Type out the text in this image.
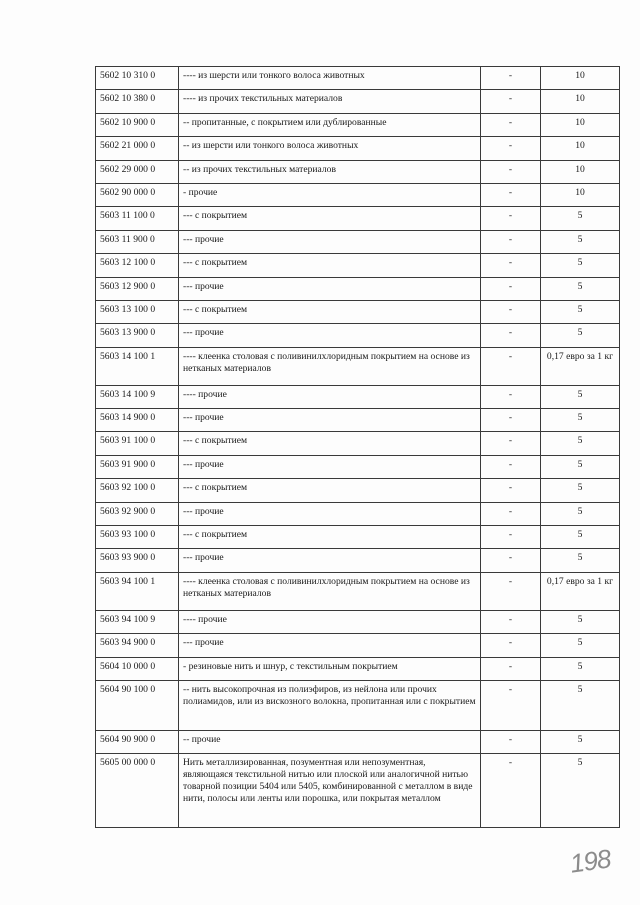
5602 10 310 0	---- из шерсти или тонкого волоса животных	-	10
5602 10 380 0	---- из прочих текстильных материалов	-	10
5602 10 900 0	-- пропитанные, с покрытием или дублированные	-	10
5602 21 000 0	-- из шерсти или тонкого волоса животных	-	10
5602 29 000 0	-- из прочих текстильных материалов	-	10
5602 90 000 0	- прочие	-	10
5603 11 100 0	--- с покрытием	-	5
5603 11 900 0	--- прочие	-	5
5603 12 100 0	--- с покрытием	-	5
5603 12 900 0	--- прочие	-	5
5603 13 100 0	--- с покрытием	-	5
5603 13 900 0	--- прочие	-	5
5603 14 100 1	---- клеенка столовая с поливинилхлоридным покрытием на основе из нетканых материалов	-	0,17 евро за 1 кг
5603 14 100 9	---- прочие	-	5
5603 14 900 0	--- прочие	-	5
5603 91 100 0	--- с покрытием	-	5
5603 91 900 0	--- прочие	-	5
5603 92 100 0	--- с покрытием	-	5
5603 92 900 0	--- прочие	-	5
5603 93 100 0	--- с покрытием	-	5
5603 93 900 0	--- прочие	-	5
5603 94 100 1	---- клеенка столовая с поливинилхлоридным покрытием на основе из нетканых материалов	-	0,17 евро за 1 кг
5603 94 100 9	---- прочие	-	5
5603 94 900 0	--- прочие	-	5
5604 10 000 0	- резиновые нить и шнур, с текстильным покрытием	-	5
5604 90 100 0	-- нить высокопрочная из полиэфиров, из нейлона или прочих полиамидов, или из вискозного волокна, пропитанная или с покрытием	-	5
5604 90 900 0	-- прочие	-	5
5605 00 000 0	Нить металлизированная, позументная или непозументная, являющаяся текстильной нитью или плоской или аналогичной нитью товарной позиции 5404 или 5405, комбинированной с металлом в виде нити, полосы или ленты или порошка, или покрытая металлом	-	5
198
